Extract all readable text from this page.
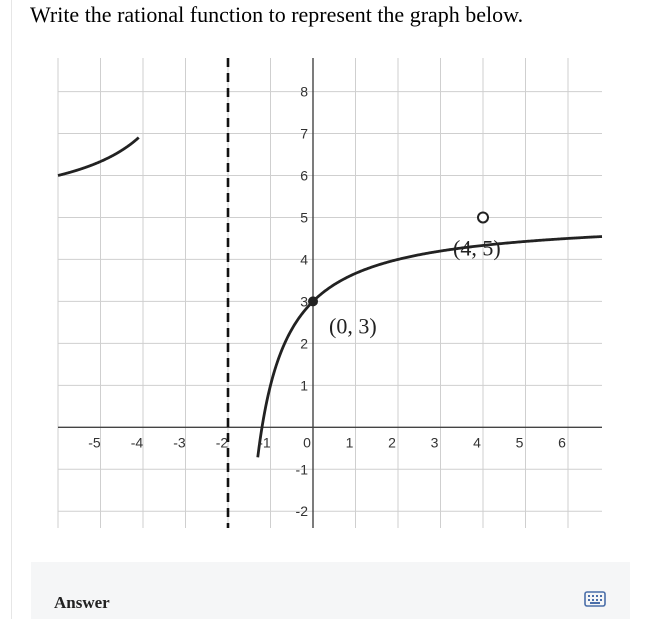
Write the rational function to represent the graph below.
-5 -4 -3 -2 -1 0 1 2 3 4 5 6
8
7
6
5
4
3
2
1
-1
-2
(0, 3)
(4, 5)
Answer
